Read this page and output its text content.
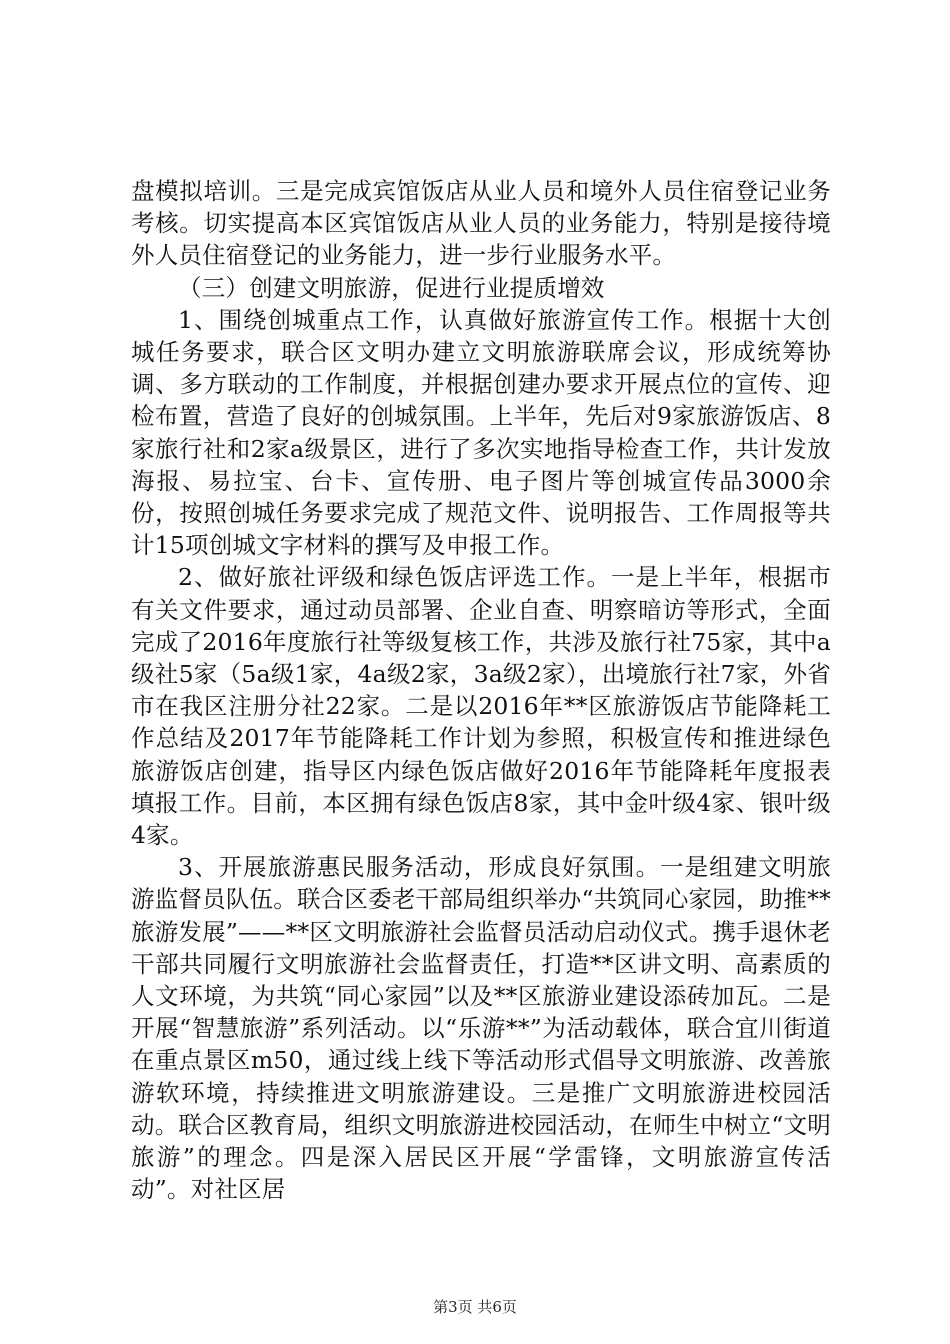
盘模拟培训。三是完成宾馆饭店从业人员和境外人员住宿登记业务考核。切实提高本区宾馆饭店从业人员的业务能力，特别是接待境外人员住宿登记的业务能力，进一步行业服务水平。

（三）创建文明旅游，促进行业提质增效

1、围绕创城重点工作，认真做好旅游宣传工作。根据十大创城任务要求，联合区文明办建立文明旅游联席会议，形成统筹协调、多方联动的工作制度，并根据创建办要求开展点位的宣传、迎检布置，营造了良好的创城氛围。上半年，先后对9家旅游饭店、8家旅行社和2家a级景区，进行了多次实地指导检查工作，共计发放海报、易拉宝、台卡、宣传册、电子图片等创城宣传品3000余份，按照创城任务要求完成了规范文件、说明报告、工作周报等共计15项创城文字材料的撰写及申报工作。

2、做好旅社评级和绿色饭店评选工作。一是上半年，根据市有关文件要求，通过动员部署、企业自查、明察暗访等形式，全面完成了2016年度旅行社等级复核工作，共涉及旅行社75家，其中a级社5家（5a级1家，4a级2家，3a级2家），出境旅行社7家，外省市在我区注册分社22家。二是以2016年**区旅游饭店节能降耗工作总结及2017年节能降耗工作计划为参照，积极宣传和推进绿色旅游饭店创建，指导区内绿色饭店做好2016年节能降耗年度报表填报工作。目前，本区拥有绿色饭店8家，其中金叶级4家、银叶级4家。

3、开展旅游惠民服务活动，形成良好氛围。一是组建文明旅游监督员队伍。联合区委老干部局组织举办“共筑同心家园，助推**旅游发展”——**区文明旅游社会监督员活动启动仪式。携手退休老干部共同履行文明旅游社会监督责任，打造**区讲文明、高素质的人文环境，为共筑“同心家园”以及**区旅游业建设添砖加瓦。二是开展“智慧旅游”系列活动。以“乐游**”为活动载体，联合宜川街道在重点景区m50，通过线上线下等活动形式倡导文明旅游、改善旅游软环境，持续推进文明旅游建设。三是推广文明旅游进校园活动。联合区教育局，组织文明旅游进校园活动，在师生中树立“文明旅游”的理念。四是深入居民区开展“学雷锋，文明旅游宣传活动”。对社区居

第3页 共6页
